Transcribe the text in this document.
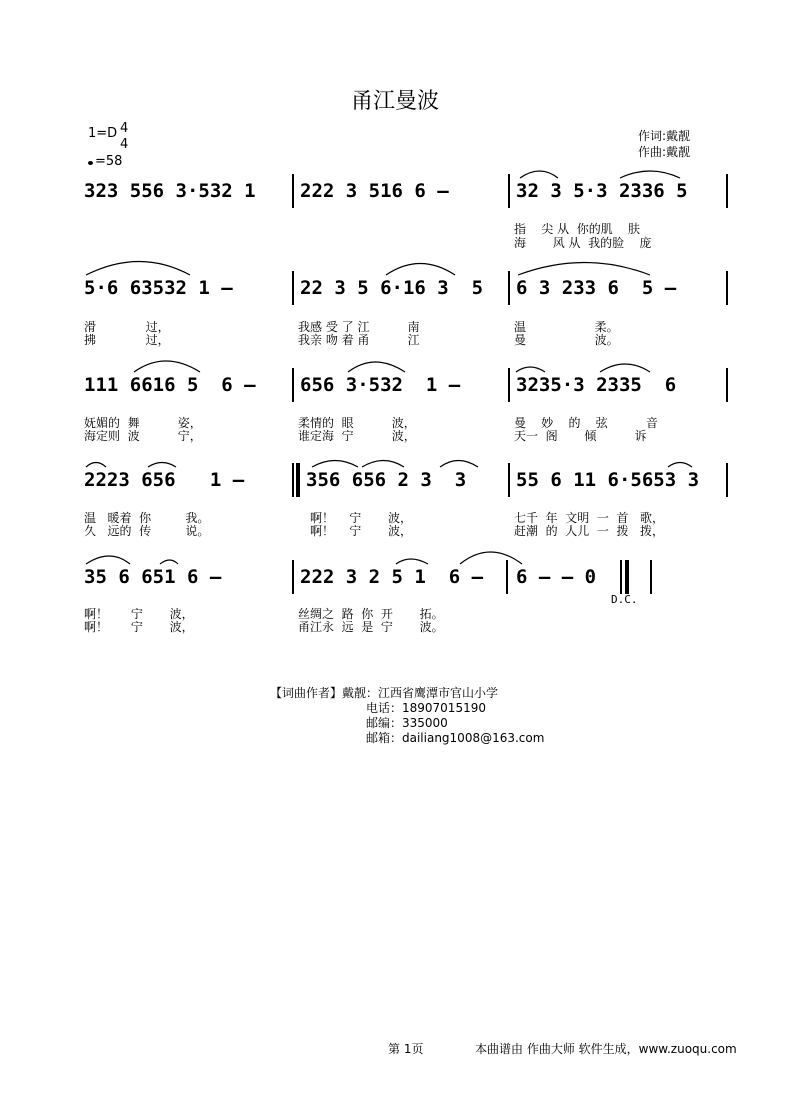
甬江曼波
1=D 4
4
=58
作词:戴靓
作曲:戴靓
323 556 3·532 1 222 3 516 6 –	32 3 5·3 2336 5
指    尖 从  你的肌    肤
海       风 从  我的脸    庞
5·6 63532 1 –	22 3 5 6·16 3  5 6 3 233 6  5 –
滑             过，	我感 受 了 江          南	温                  柔。
拂             过，	我亲 吻 着 甬          江	曼                  波。
111 6616 5  6 – 656 3·532  1 –	3235·3 2335  6
妩媚的  舞          姿，	柔情的  眼          波，	曼    妙    的    弦          音
海定则  波          宁，	谁定海  宁          波，	天一  阁       倾          诉
2223 656   1 –	356 656 2 3  3	55 6 11 6·5653 3
温   暖着  你         我。	啊！    宁       波，	七千  年  文明  一  首   歌，
久   远的  传         说。	啊！    宁       波，	赶潮  的  人儿  一  拨   拨，
35 6 651 6 –	222 3 2 5 1  6 – 6 – – 0
D.C.
啊！      宁       波，	丝绸之  路  你  开       拓。
啊！      宁       波，	甬江永  远  是  宁       波。
【词曲作者】戴靓：江西省鹰潭市官山小学
电话：18907015190
邮编：335000
邮箱：dailiang1008@163.com
第 1页	本曲谱由 作曲大师 软件生成，www.zuoqu.com
